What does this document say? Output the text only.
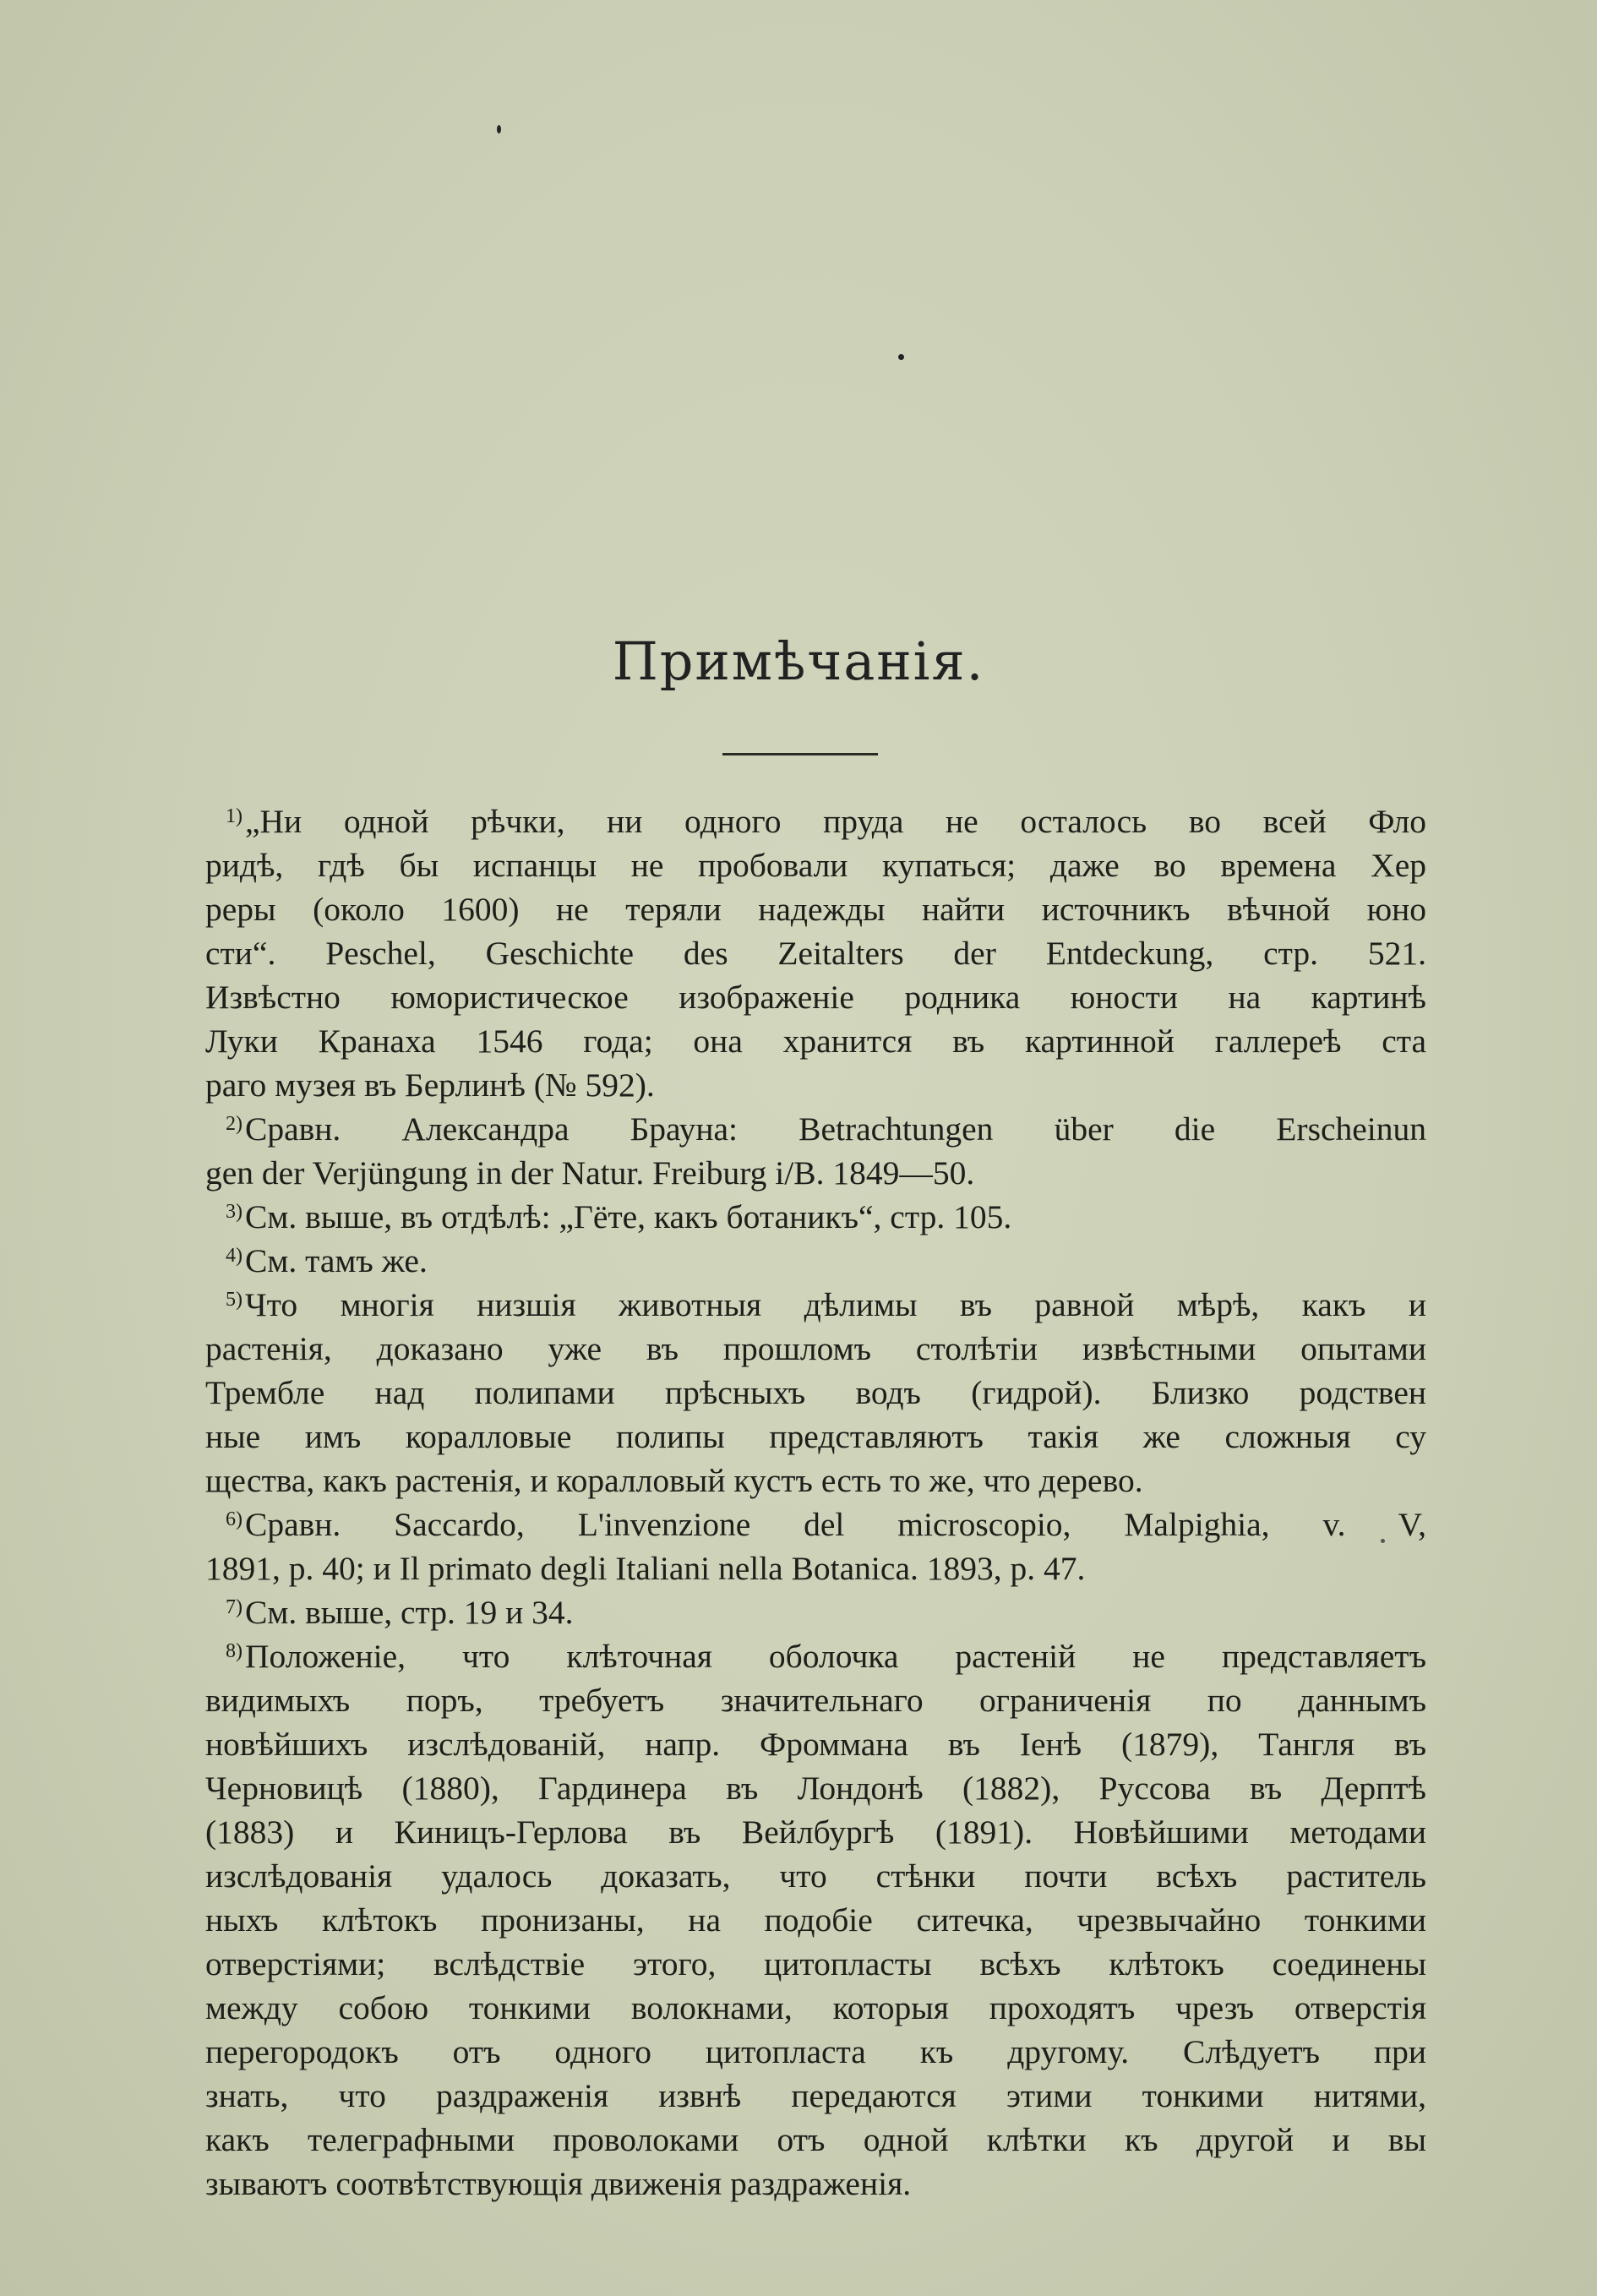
Примѣчанія.
$^{1)}$„Ни одной рѣчки, ни одного пруда не осталось во всей Фло
ридѣ, гдѣ бы испанцы не пробовали купаться; даже во времена Хер
реры (около 1600) не теряли надежды найти источникъ вѣчной юно
сти“. Peschel, Geschichte des Zeitalters der Entdeckung, стр. 521.
Извѣстно юмористическое изображеніе родника юности на картинѣ
Луки Кранаха 1546 года; она хранится въ картинной галлереѣ ста
раго музея въ Берлинѣ (№ 592).
$^{2)}$Сравн. Александра Брауна: Betrachtungen über die Erscheinun
gen der Verjüngung in der Natur. Freiburg i/B. 1849—50.
$^{3)}$См. выше, въ отдѣлѣ: „Гёте, какъ ботаникъ“, стр. 105.
$^{4)}$См. тамъ же.
$^{5)}$Что многія низшія животныя дѣлимы въ равной мѣрѣ, какъ и
растенія, доказано уже въ прошломъ столѣтіи извѣстными опытами
Трембле над полипами прѣсныхъ водъ (гидрой). Близко родствен
ные имъ коралловые полипы представляютъ такія же сложныя су
щества, какъ растенія, и коралловый кустъ есть то же, что дерево.
$^{6)}$Сравн. Saccardo, L'invenzione del microscopio, Malpighia, v. V,
1891, p. 40; и Il primato degli Italiani nella Botanica. 1893, p. 47.
$^{7)}$См. выше, стр. 19 и 34.
$^{8)}$Положеніе, что клѣточная оболочка растеній не представляетъ
видимыхъ поръ, требуетъ значительнаго ограниченія по даннымъ
новѣйшихъ изслѣдованій, напр. Фроммана въ Іенѣ (1879), Тангля въ
Черновицѣ (1880), Гардинера въ Лондонѣ (1882), Руссова въ Дерптѣ
(1883) и Киницъ-Герлова въ Вейлбургѣ (1891). Новѣйшими методами
изслѣдованія удалось доказать, что стѣнки почти всѣхъ раститель
ныхъ клѣтокъ пронизаны, на подобіе ситечка, чрезвычайно тонкими
отверстіями; вслѣдствіе этого, цитопласты всѣхъ клѣтокъ соединены
между собою тонкими волокнами, которыя проходятъ чрезъ отверстія
перегородокъ отъ одного цитопласта къ другому. Слѣдуетъ при
знать, что раздраженія извнѣ передаются этими тонкими нитями,
какъ телеграфными проволоками отъ одной клѣтки къ другой и вы
зываютъ соотвѣтствующія движенія раздраженія.
